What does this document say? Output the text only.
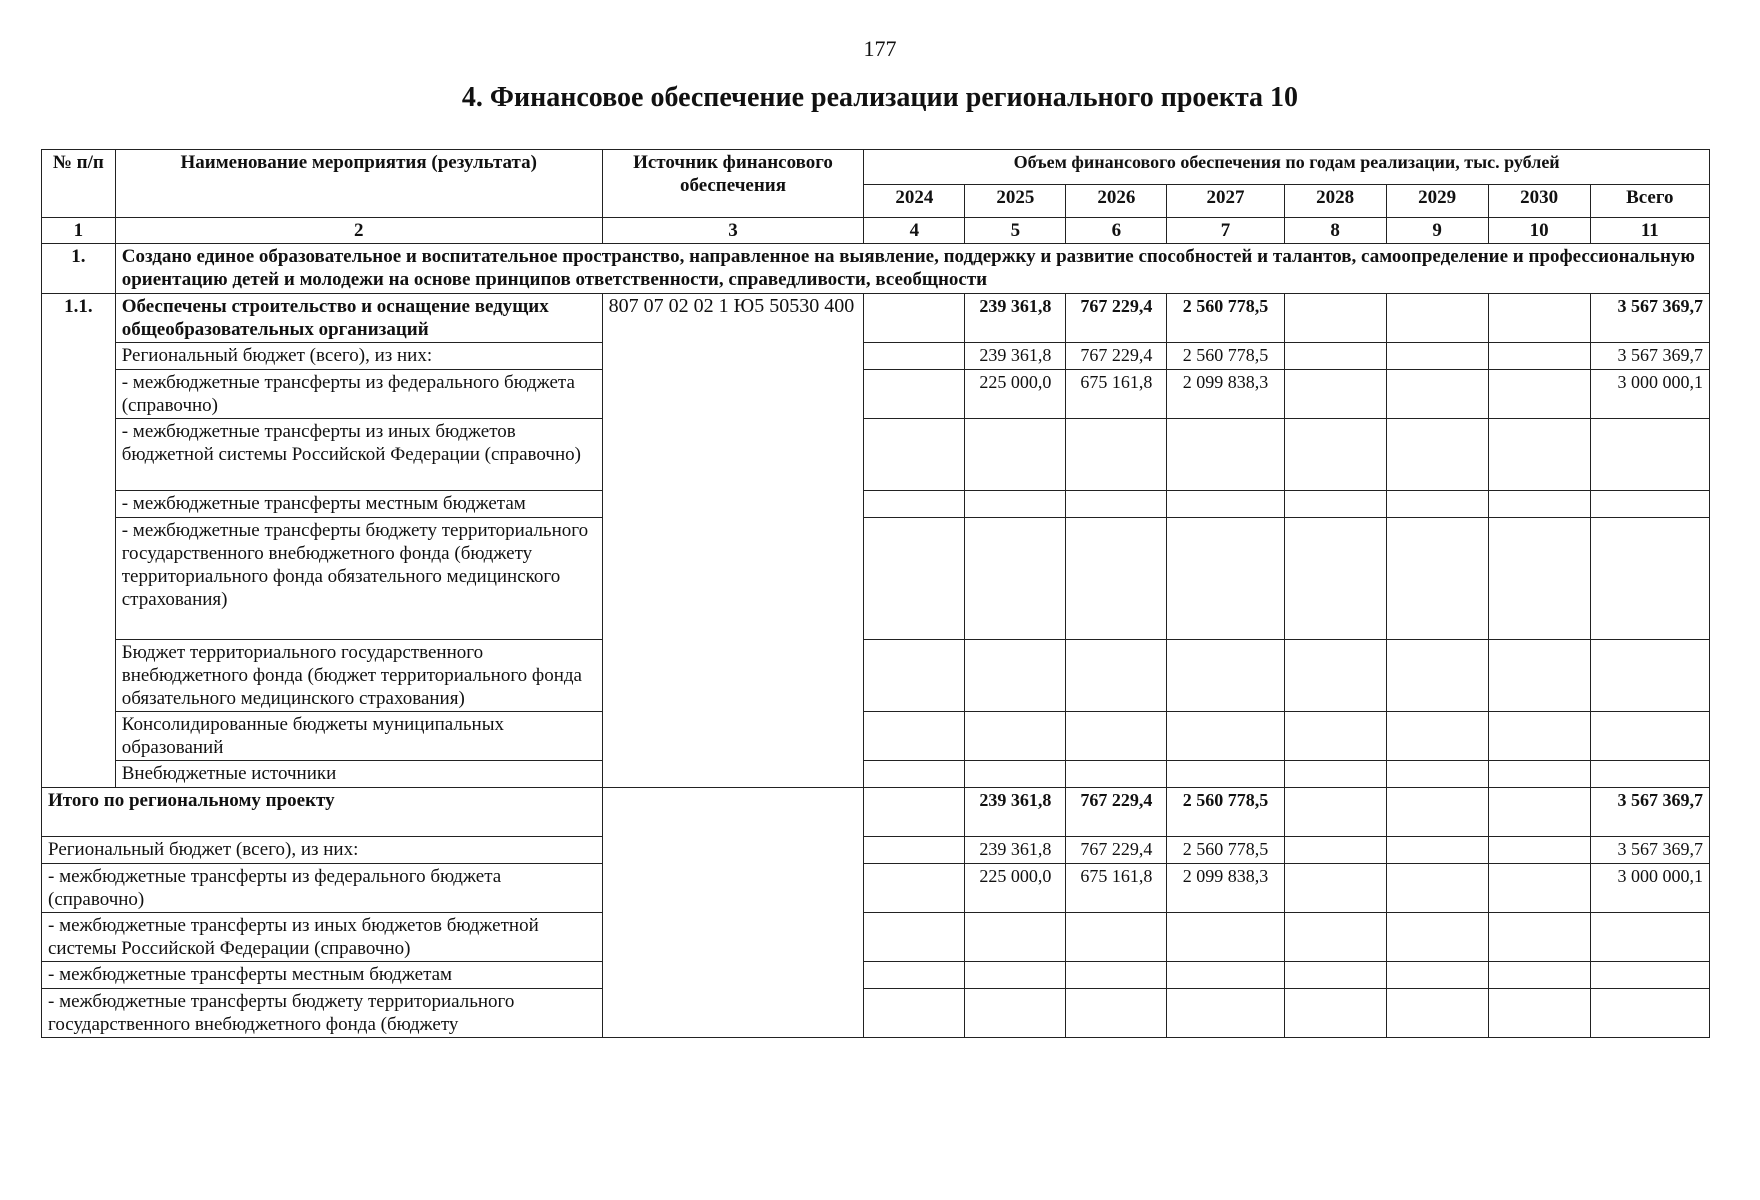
177
4. Финансовое обеспечение реализации регионального проекта 10
№ п/п	Наименование мероприятия (результата)	Источник финансового обеспечения	Объем финансового обеспечения по годам реализации, тыс. рублей							
			2024	2025	2026	2027	2028	2029	2030	Всего
1	2	3	4	5	6	7	8	9	10	11
1.	Создано единое образовательное и воспитательное пространство, направленное на выявление, поддержку и развитие способностей и талантов, самоопределение и профессиональную ориентацию детей и молодежи на основе принципов ответственности, справедливости, всеобщности									
1.1.	Обеспечены строительство и оснащение ведущих общеобразовательных организаций	807 07 02 02 1 Ю5 50530 400		239 361,8	767 229,4	2 560 778,5				3 567 369,7
	Региональный бюджет (всего), из них:			239 361,8	767 229,4	2 560 778,5				3 567 369,7
	- межбюджетные трансферты из федерального бюджета (справочно)			225 000,0	675 161,8	2 099 838,3				3 000 000,1
	- межбюджетные трансферты из иных бюджетов бюджетной системы Российской Федерации (справочно)									
	- межбюджетные трансферты местным бюджетам									
	- межбюджетные трансферты бюджету территориального государственного внебюджетного фонда (бюджету территориального фонда обязательного медицинского страхования)									
	Бюджет территориального государственного внебюджетного фонда (бюджет территориального фонда обязательного медицинского страхования)									
	Консолидированные бюджеты муниципальных образований									
	Внебюджетные источники									
Итого по региональному проекту				239 361,8	767 229,4	2 560 778,5				3 567 369,7
Региональный бюджет (всего), из них:				239 361,8	767 229,4	2 560 778,5				3 567 369,7
- межбюджетные трансферты из федерального бюджета (справочно)				225 000,0	675 161,8	2 099 838,3				3 000 000,1
- межбюджетные трансферты из иных бюджетов бюджетной системы Российской Федерации (справочно)										
- межбюджетные трансферты местным бюджетам										
- межбюджетные трансферты бюджету территориального государственного внебюджетного фонда (бюджету										
